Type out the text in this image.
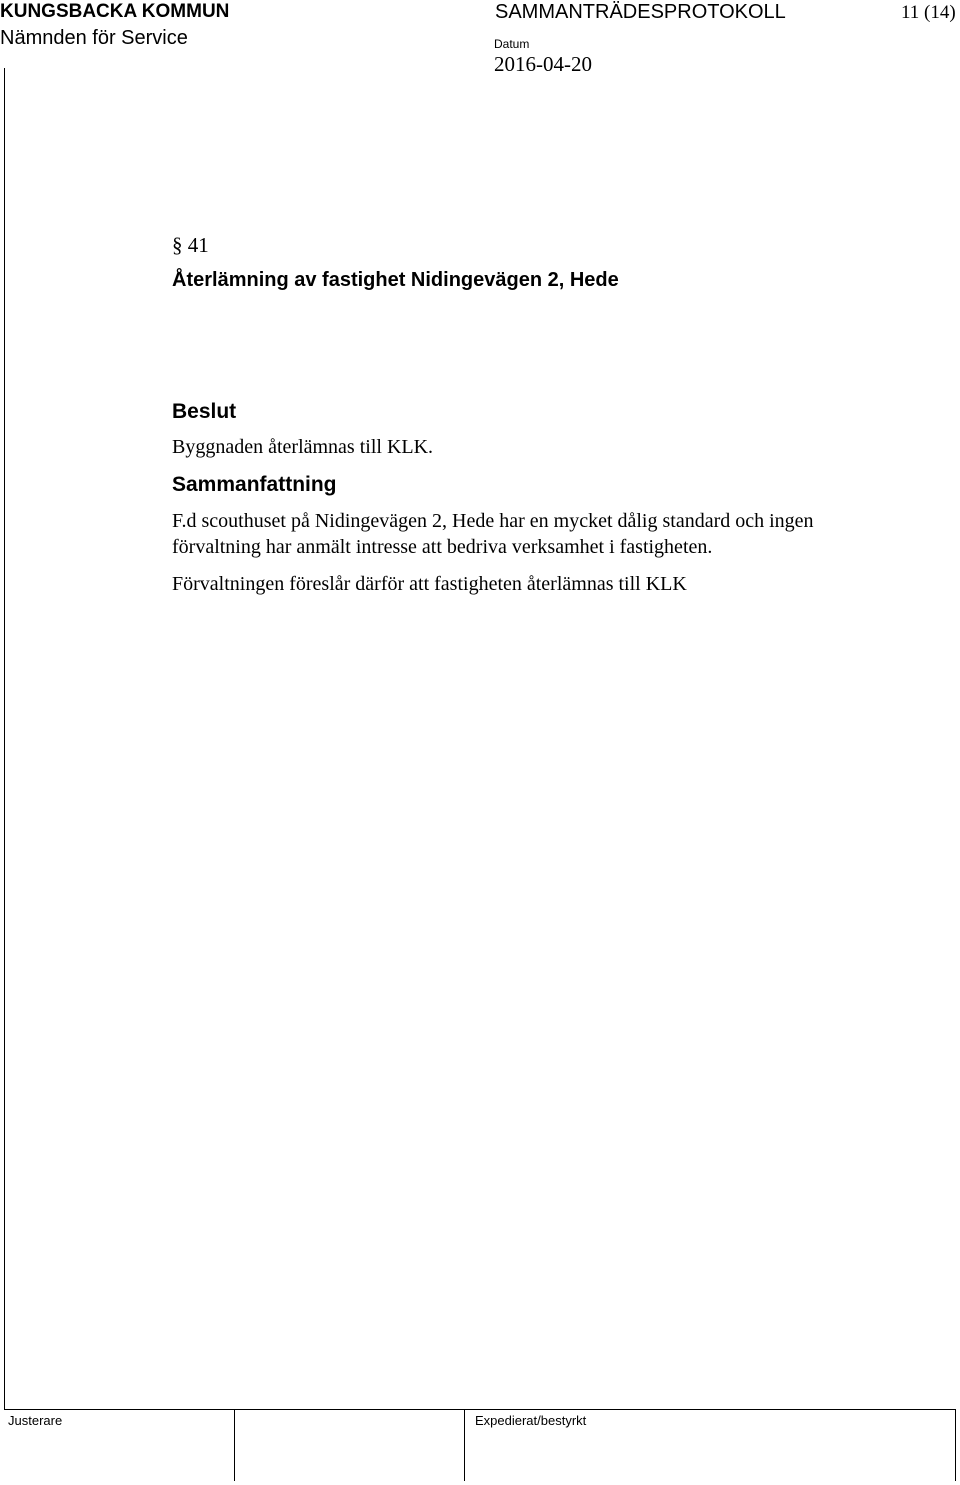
KUNGSBACKA KOMMUN	SAMMANTRÄDESPROTOKOLL	11 (14)
Nämnden för Service	Datum
2016-04-20
§ 41
Återlämning av fastighet Nidingevägen 2, Hede
Beslut
Byggnaden återlämnas till KLK.
Sammanfattning
F.d scouthuset på Nidingevägen 2, Hede har en mycket dålig standard och ingen
förvaltning har anmält intresse att bedriva verksamhet i fastigheten.
Förvaltningen föreslår därför att fastigheten återlämnas till KLK
Justerare	Expedierat/bestyrkt
